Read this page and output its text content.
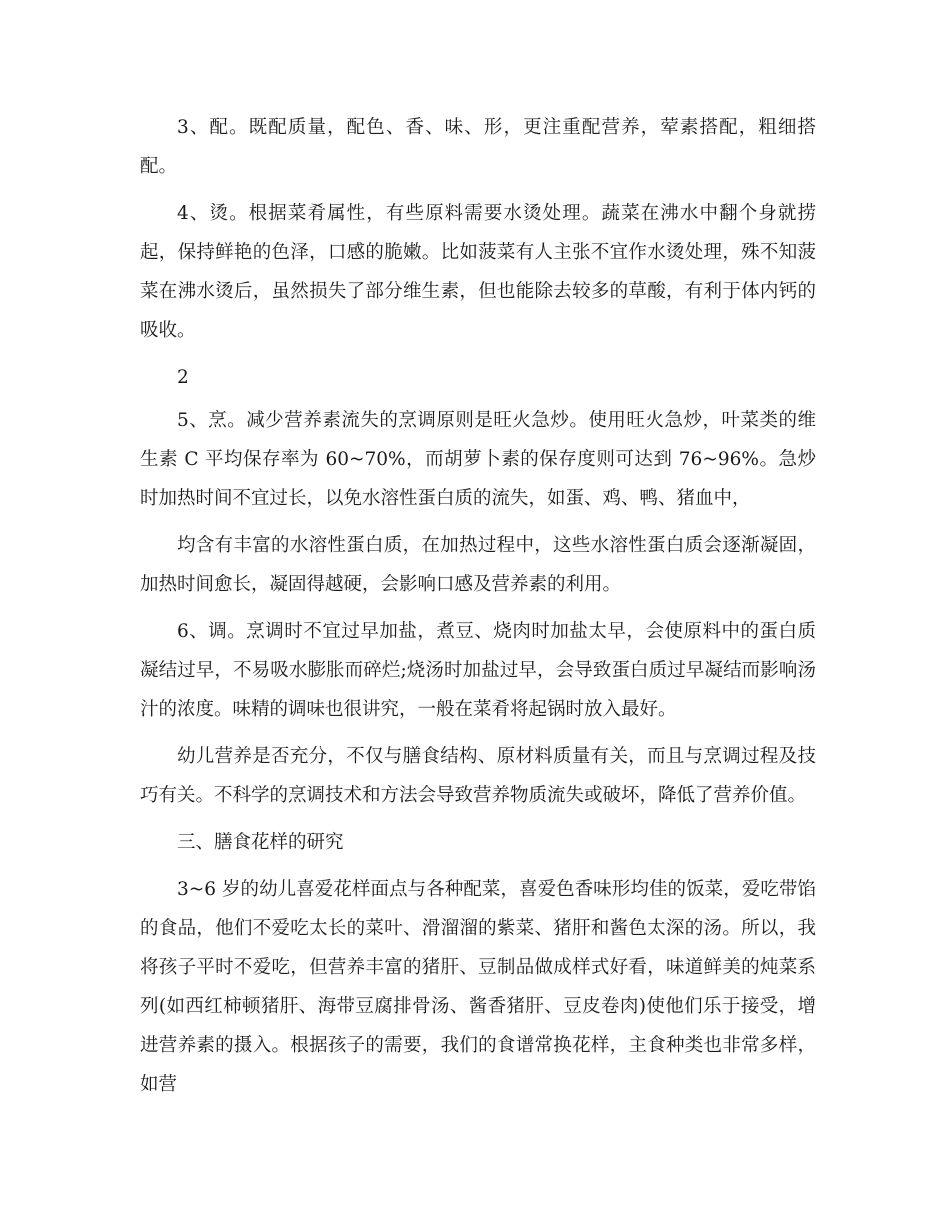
3、配。既配质量，配色、香、味、形，更注重配营养，荤素搭配，粗细搭配。

4、烫。根据菜肴属性，有些原料需要水烫处理。蔬菜在沸水中翻个身就捞起，保持鲜艳的色泽，口感的脆嫩。比如菠菜有人主张不宜作水烫处理，殊不知菠菜在沸水烫后，虽然损失了部分维生素，但也能除去较多的草酸，有利于体内钙的吸收。

2

5、烹。减少营养素流失的烹调原则是旺火急炒。使用旺火急炒，叶菜类的维生素 C 平均保存率为 60~70%，而胡萝卜素的保存度则可达到 76~96%。急炒时加热时间不宜过长，以免水溶性蛋白质的流失，如蛋、鸡、鸭、猪血中，

均含有丰富的水溶性蛋白质，在加热过程中，这些水溶性蛋白质会逐渐凝固，加热时间愈长，凝固得越硬，会影响口感及营养素的利用。

6、调。烹调时不宜过早加盐，煮豆、烧肉时加盐太早，会使原料中的蛋白质凝结过早，不易吸水膨胀而碎烂;烧汤时加盐过早，会导致蛋白质过早凝结而影响汤汁的浓度。味精的调味也很讲究，一般在菜肴将起锅时放入最好。

幼儿营养是否充分，不仅与膳食结构、原材料质量有关，而且与烹调过程及技巧有关。不科学的烹调技术和方法会导致营养物质流失或破坏，降低了营养价值。

三、膳食花样的研究

3~6 岁的幼儿喜爱花样面点与各种配菜，喜爱色香味形均佳的饭菜，爱吃带馅的食品，他们不爱吃太长的菜叶、滑溜溜的紫菜、猪肝和酱色太深的汤。所以，我将孩子平时不爱吃，但营养丰富的猪肝、豆制品做成样式好看，味道鲜美的炖菜系列(如西红柿顿猪肝、海带豆腐排骨汤、酱香猪肝、豆皮卷肉)使他们乐于接受，增进营养素的摄入。根据孩子的需要，我们的食谱常换花样，主食种类也非常多样，如营
